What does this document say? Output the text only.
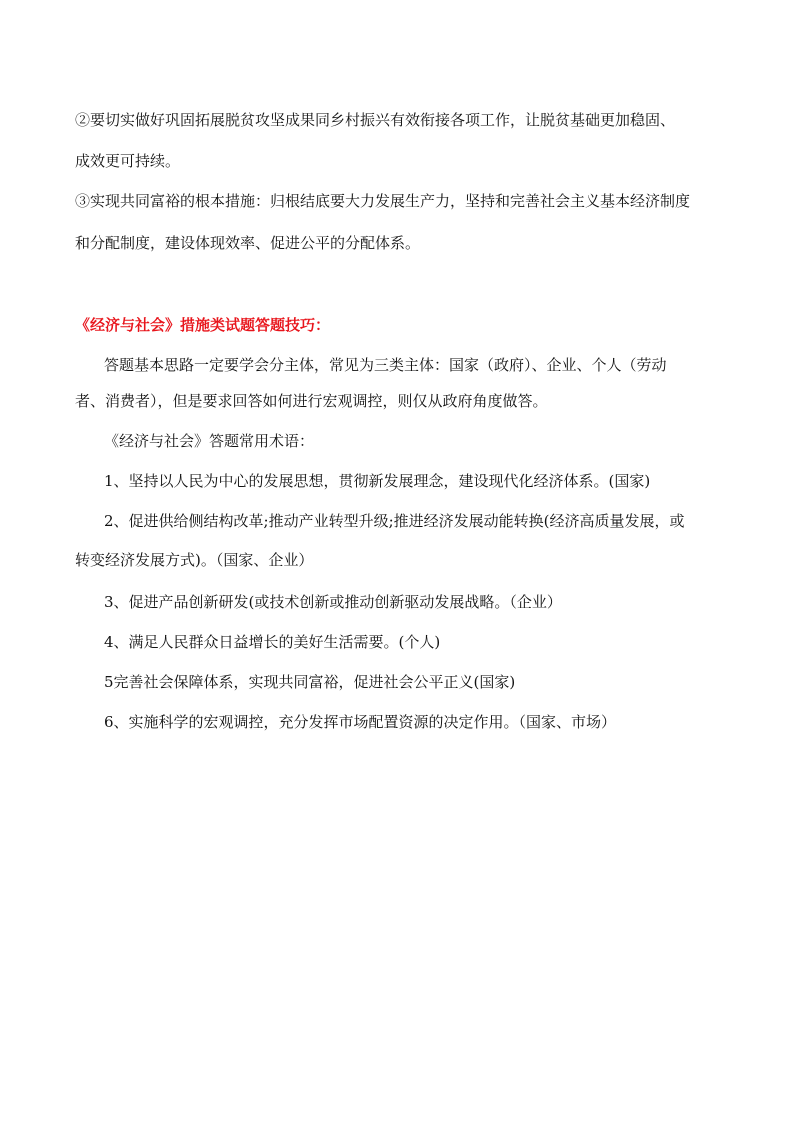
②要切实做好巩固拓展脱贫攻坚成果同乡村振兴有效衔接各项工作，让脱贫基础更加稳固、
成效更可持续。
③实现共同富裕的根本措施：归根结底要大力发展生产力，坚持和完善社会主义基本经济制度
和分配制度，建设体现效率、促进公平的分配体系。
《经济与社会》措施类试题答题技巧：
答题基本思路一定要学会分主体，常见为三类主体：国家（政府）、企业、个人（劳动
者、消费者），但是要求回答如何进行宏观调控，则仅从政府角度做答。
《经济与社会》答题常用术语：
1、坚持以人民为中心的发展思想，贯彻新发展理念，建设现代化经济体系。(国家)
2、促进供给侧结构改革;推动产业转型升级;推进经济发展动能转换(经济高质量发展，或
转变经济发展方式)。（国家、企业）
3、促进产品创新研发(或技术创新或推动创新驱动发展战略。（企业）
4、满足人民群众日益增长的美好生活需要。(个人)
5完善社会保障体系，实现共同富裕，促进社会公平正义(国家)
6、实施科学的宏观调控，充分发挥市场配置资源的决定作用。（国家、市场）
